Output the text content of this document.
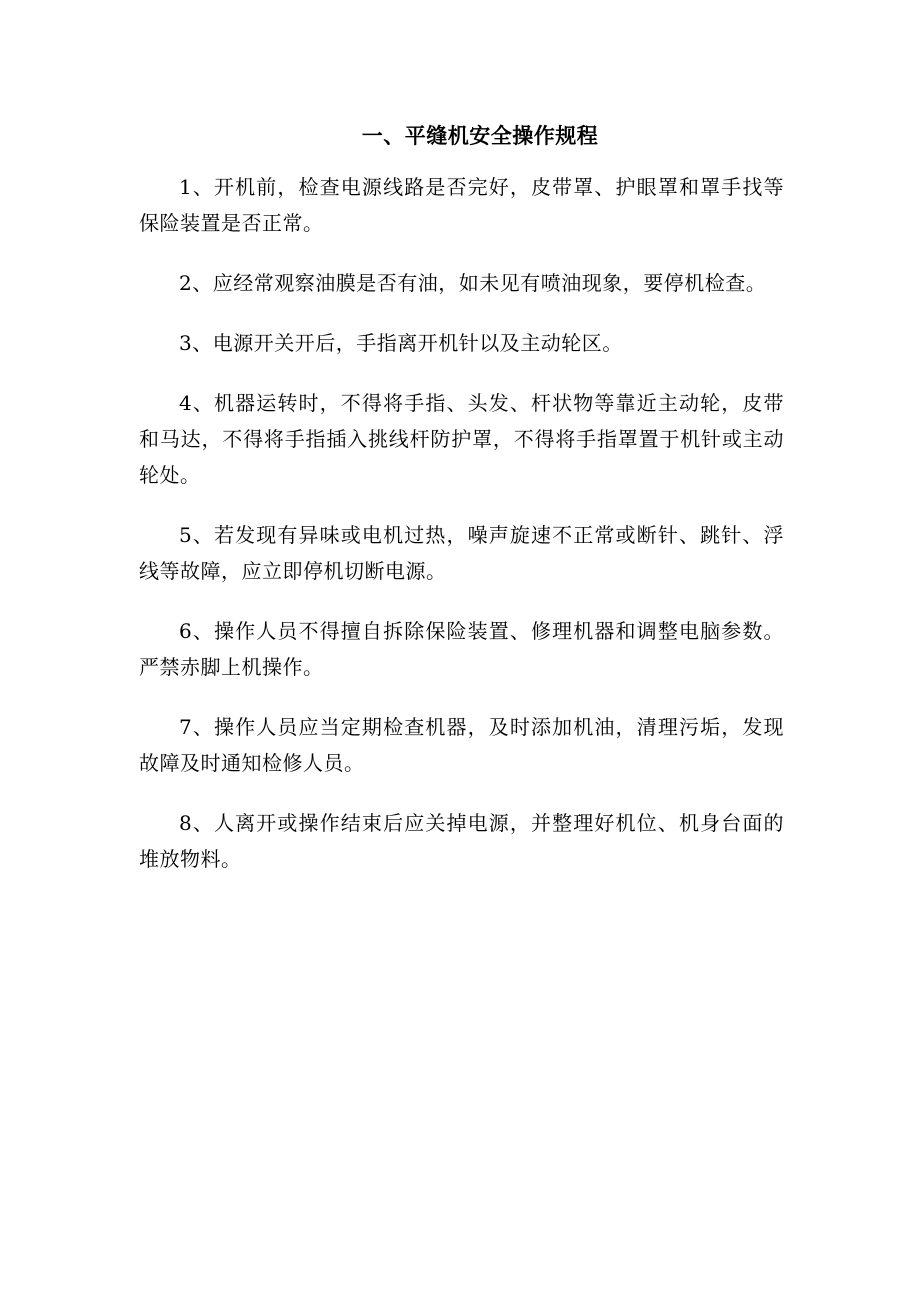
一、平缝机安全操作规程

1、开机前，检查电源线路是否完好，皮带罩、护眼罩和罩手找等保险装置是否正常。

2、应经常观察油膜是否有油，如未见有喷油现象，要停机检查。

3、电源开关开后，手指离开机针以及主动轮区。

4、机器运转时，不得将手指、头发、杆状物等靠近主动轮，皮带和马达，不得将手指插入挑线杆防护罩，不得将手指罩置于机针或主动轮处。

5、若发现有异味或电机过热，噪声旋速不正常或断针、跳针、浮线等故障，应立即停机切断电源。

6、操作人员不得擅自拆除保险装置、修理机器和调整电脑参数。严禁赤脚上机操作。

7、操作人员应当定期检查机器，及时添加机油，清理污垢，发现故障及时通知检修人员。

8、人离开或操作结束后应关掉电源，并整理好机位、机身台面的堆放物料。
